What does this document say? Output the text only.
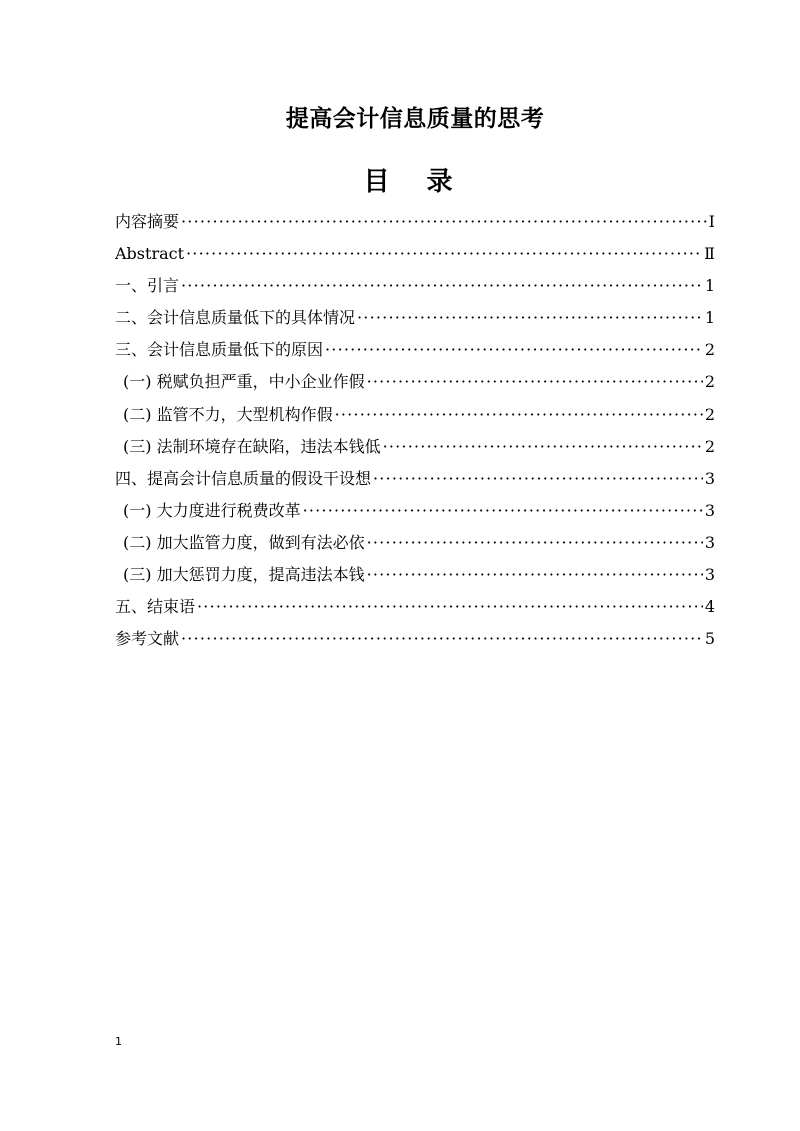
提高会计信息质量的思考
目 录
内容摘要 ·····	Ⅰ
Abstract ·····	Ⅱ
一、引言 ·····	1
二、会计信息质量低下的具体情况 ·····	1
三、会计信息质量低下的原因 ·····	2
(一) 税赋负担严重，中小企业作假 ·····	2
(二) 监管不力，大型机构作假 ·····	2
(三) 法制环境存在缺陷，违法本钱低 ·····	2
四、提高会计信息质量的假设干设想 ·····	3
(一) 大力度进行税费改革 ·····	3
(二) 加大监管力度，做到有法必依 ·····	3
(三) 加大惩罚力度，提高违法本钱 ·····	3
五、结束语 ·····	4
参考文献 ·····	5
1
